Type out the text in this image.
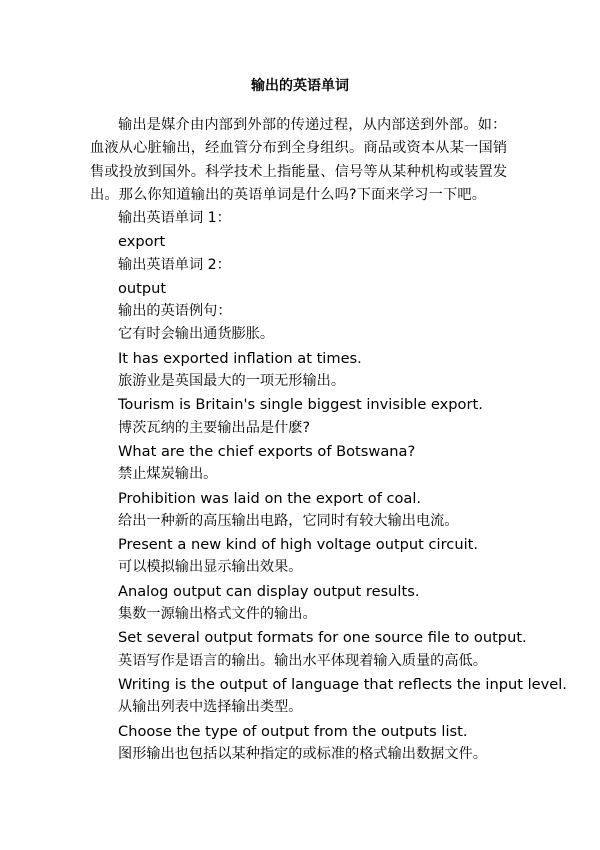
输出的英语单词
输出是媒介由内部到外部的传递过程，从内部送到外部。如：血液从心脏输出，经血管分布到全身组织。商品或资本从某一国销售或投放到国外。科学技术上指能量、信号等从某种机构或装置发出。那么你知道输出的英语单词是什么吗?下面来学习一下吧。
输出英语单词 1：
export
输出英语单词 2：
output
输出的英语例句：
它有时会输出通货膨胀。
It has exported inflation at times.
旅游业是英国最大的一项无形输出。
Tourism is Britain's single biggest invisible export.
博茨瓦纳的主要输出品是什麽?
What are the chief exports of Botswana?
禁止煤炭输出。
Prohibition was laid on the export of coal.
给出一种新的高压输出电路，它同时有较大输出电流。
Present a new kind of high voltage output circuit.
可以模拟输出显示输出效果。
Analog output can display output results.
集数一源输出格式文件的输出。
Set several output formats for one source file to output.
英语写作是语言的输出。输出水平体现着输入质量的高低。
Writing is the output of language that reflects the input level.
从输出列表中选择输出类型。
Choose the type of output from the outputs list.
图形输出也包括以某种指定的或标准的格式输出数据文件。
